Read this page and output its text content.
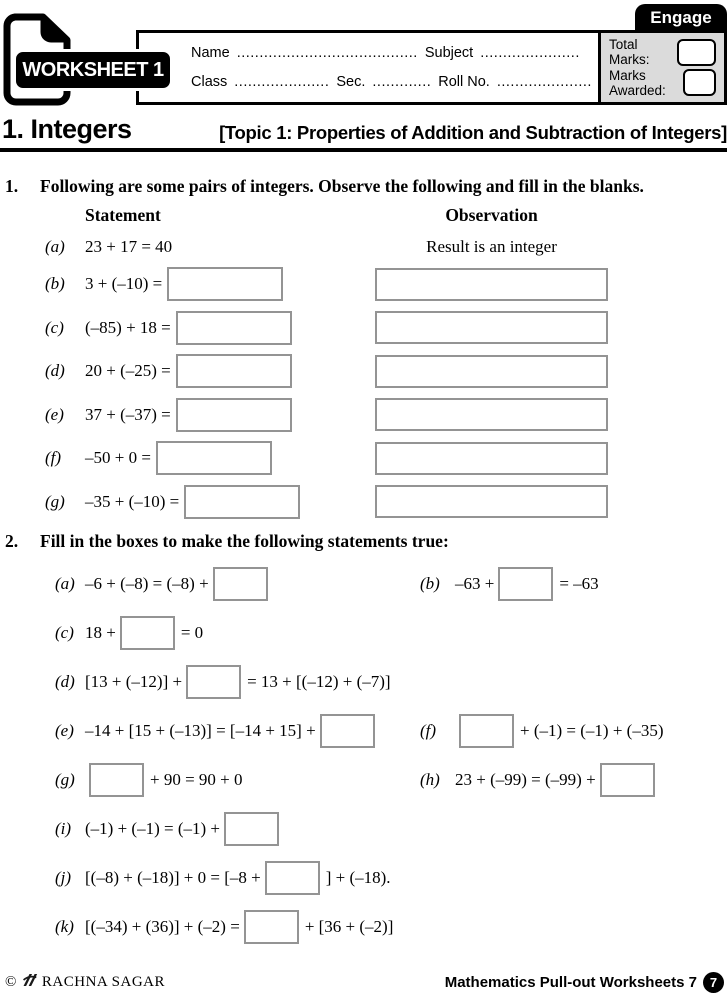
Engage
Name ........................................ Subject ......................
Class ..................... Sec. ............. Roll No. .....................
Total Marks:
Marks Awarded:
WORKSHEET 1
1. Integers	[Topic 1: Properties of Addition and Subtraction of Integers]
1.	Following are some pairs of integers. Observe the following and fill in the blanks.
Statement	Observation
(a)	23 + 17 = 40	Result is an integer
(b)	3 + (–10) =
(c)	(–85) + 18 =
(d)	20 + (–25) =
(e)	37 + (–37) =
(f)	–50 + 0 =
(g)	–35 + (–10) =
2.	Fill in the boxes to make the following statements true:
(a) –6 + (–8) = (–8) +	(b) –63 +	= –63
(c) 18 +	= 0
(d) [13 + (–12)] +	= 13 + [(–12) + (–7)]
(e) –14 + [15 + (–13)] = [–14 + 15] +	(f)	+ (–1) = (–1) + (–35)
(g)	+ 90 = 90 + 0	(h) 23 + (–99) = (–99) +
(i) (–1) + (–1) = (–1) +
(j) [(–8) + (–18)] + 0 = [–8 +	] + (–18).
(k) [(–34) + (36)] + (–2) =	+ [36 + (–2)]
© RACHNA SAGAR	Mathematics Pull-out Worksheets 7 7
